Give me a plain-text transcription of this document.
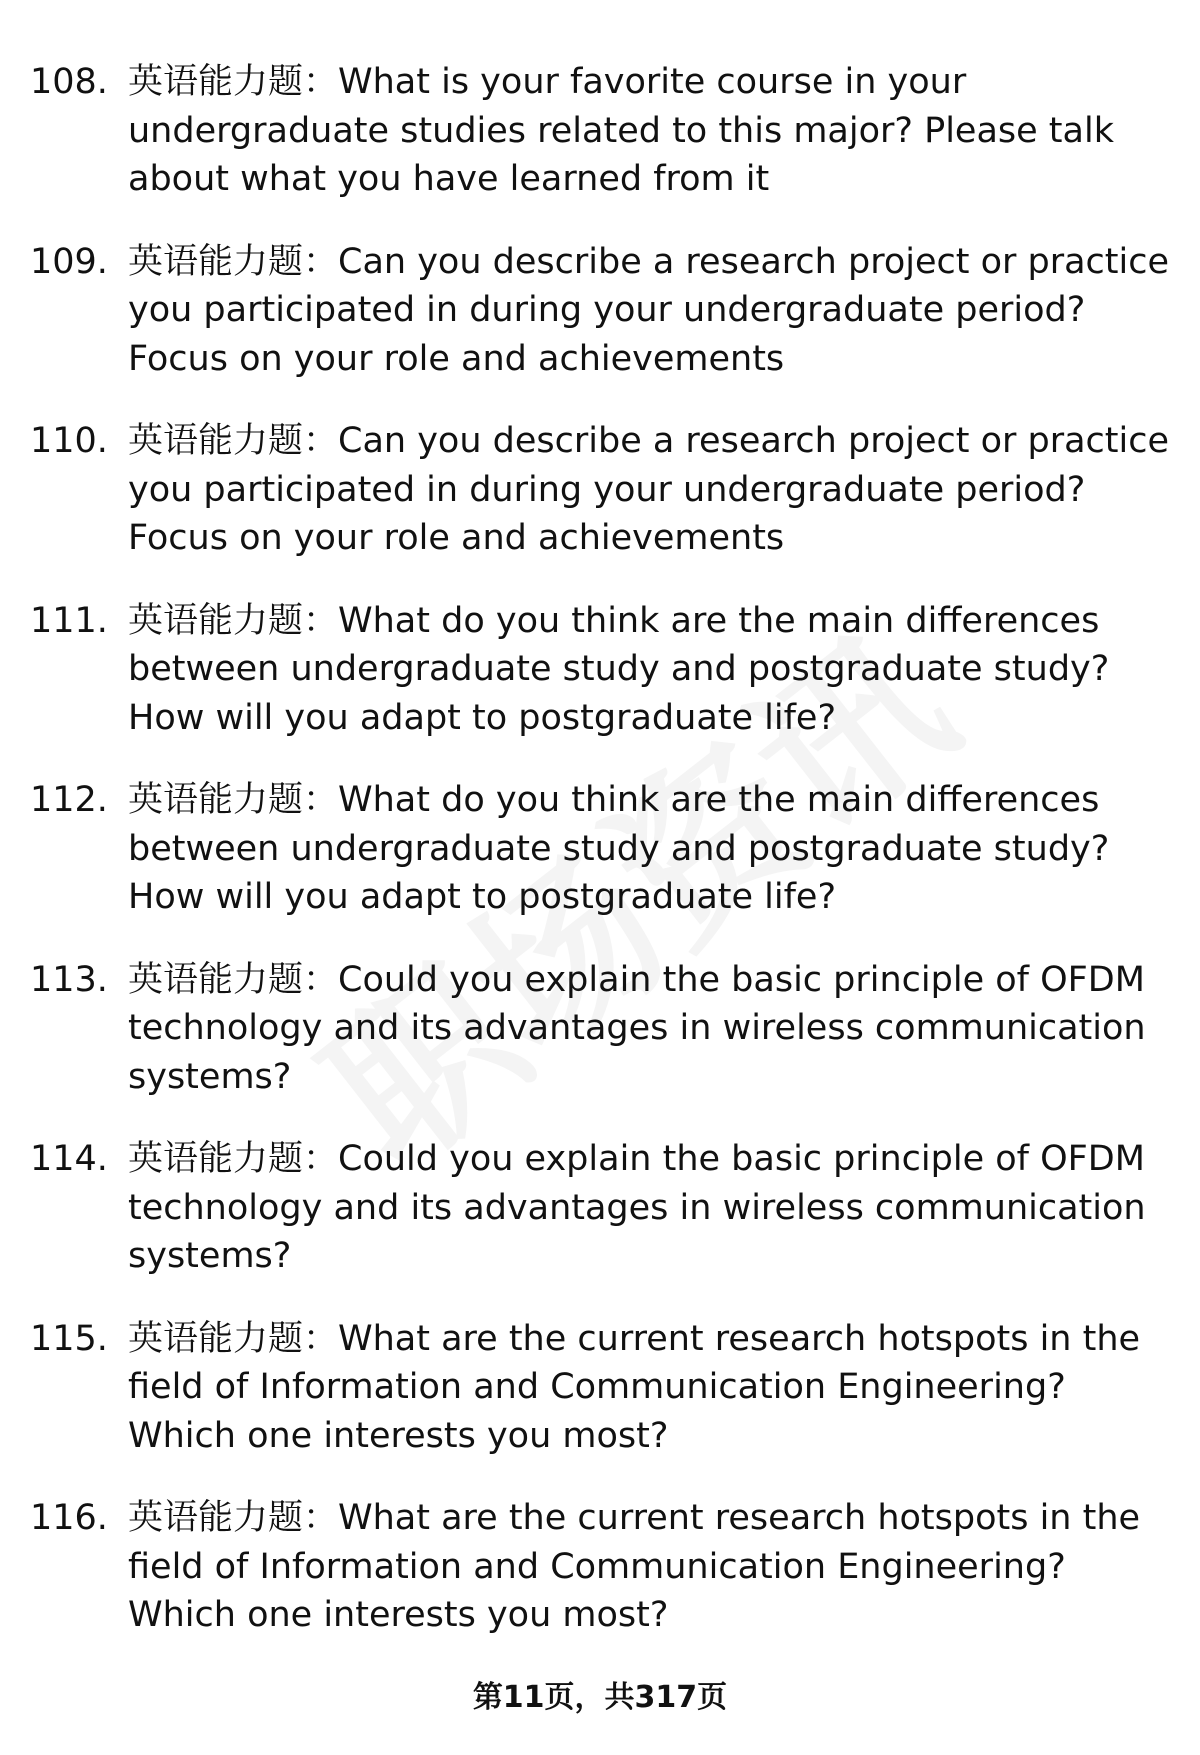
108. 英语能力题：What is your favorite course in your undergraduate studies related to this major? Please talk about what you have learned from it
109. 英语能力题：Can you describe a research project or practice you participated in during your undergraduate period? Focus on your role and achievements
110. 英语能力题：Can you describe a research project or practice you participated in during your undergraduate period? Focus on your role and achievements
111. 英语能力题：What do you think are the main differences between undergraduate study and postgraduate study? How will you adapt to postgraduate life?
112. 英语能力题：What do you think are the main differences between undergraduate study and postgraduate study? How will you adapt to postgraduate life?
113. 英语能力题：Could you explain the basic principle of OFDM technology and its advantages in wireless communication systems?
114. 英语能力题：Could you explain the basic principle of OFDM technology and its advantages in wireless communication systems?
115. 英语能力题：What are the current research hotspots in the field of Information and Communication Engineering? Which one interests you most?
116. 英语能力题：What are the current research hotspots in the field of Information and Communication Engineering? Which one interests you most?
第11页，共317页
